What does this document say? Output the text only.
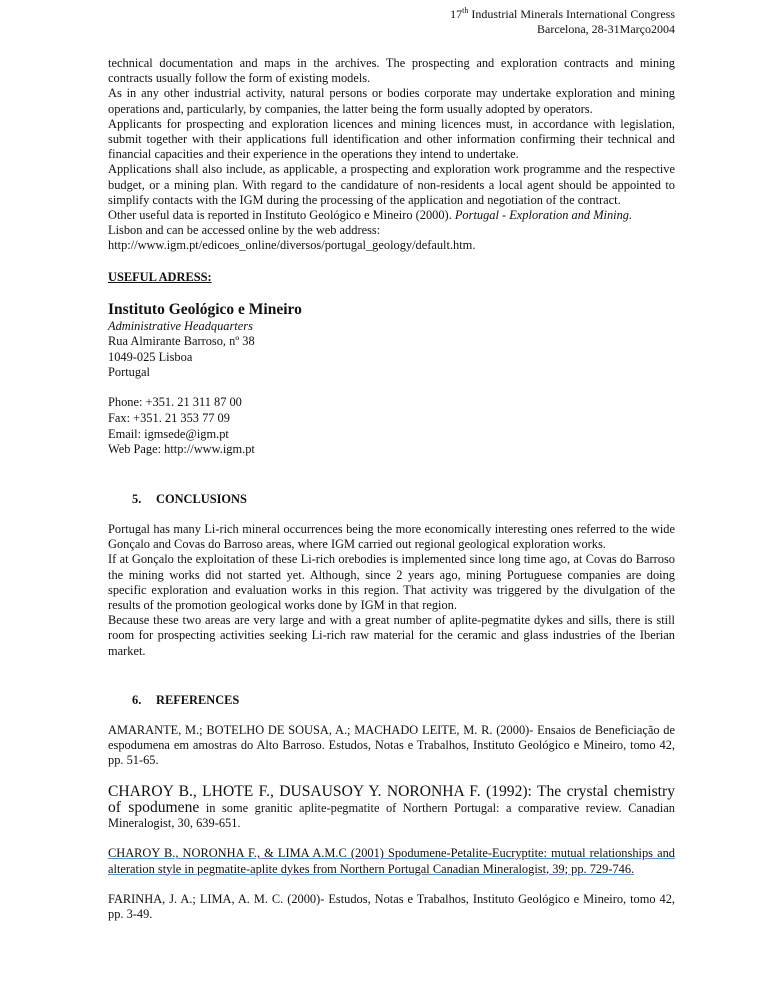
17th Industrial Minerals International Congress
Barcelona, 28-31Março2004

technical documentation and maps in the archives. The prospecting and exploration contracts and mining contracts usually follow the form of existing models.

As in any other industrial activity, natural persons or bodies corporate may undertake exploration and mining operations and, particularly, by companies, the latter being the form usually adopted by operators.

Applicants for prospecting and exploration licences and mining licences must, in accordance with legislation, submit together with their applications full identification and other information confirming their technical and financial capacities and their experience in the operations they intend to undertake.

Applications shall also include, as applicable, a prospecting and exploration work programme and the respective budget, or a mining plan. With regard to the candidature of non-residents a local agent should be appointed to simplify contacts with the IGM during the processing of the application and negotiation of the contract.

Other useful data is reported in Instituto Geológico e Mineiro (2000). Portugal - Exploration and Mining.

Lisbon and can be accessed online by the web address:

http://www.igm.pt/edicoes_online/diversos/portugal_geology/default.htm.

USEFUL ADRESS:
Instituto Geológico e Mineiro
Administrative Headquarters
Rua Almirante Barroso, nº 38
1049-025 Lisboa
Portugal
Phone: +351. 21 311 87 00
Fax: +351. 21 353 77 09
Email: igmsede@igm.pt
Web Page: http://www.igm.pt
5. CONCLUSIONS

Portugal has many Li-rich mineral occurrences being the more economically interesting ones referred to the wide Gonçalo and Covas do Barroso areas, where IGM carried out regional geological exploration works.

If at Gonçalo the exploitation of these Li-rich orebodies is implemented since long time ago, at Covas do Barroso the mining works did not started yet. Although, since 2 years ago, mining Portuguese companies are doing specific exploration and evaluation works in this region. That activity was triggered by the divulgation of the results of the promotion geological works done by IGM in that region.

Because these two areas are very large and with a great number of aplite-pegmatite dykes and sills, there is still room for prospecting activities seeking Li-rich raw material for the ceramic and glass industries of the Iberian market.

6. REFERENCES

AMARANTE, M.; BOTELHO DE SOUSA, A.; MACHADO LEITE, M. R. (2000)- Ensaios de Beneficiação de espodumena em amostras do Alto Barroso. Estudos, Notas e Trabalhos, Instituto Geológico e Mineiro, tomo 42, pp. 51-65.

CHAROY B., LHOTE F., DUSAUSOY Y. NORONHA F. (1992): The crystal chemistry of spodumene in some granitic aplite-pegmatite of Northern Portugal: a comparative review. Canadian Mineralogist, 30, 639-651.

CHAROY B., NORONHA F., & LIMA A.M.C (2001) Spodumene-Petalite-Eucryptite: mutual relationships and alteration style in pegmatite-aplite dykes from Northern Portugal Canadian Mineralogist, 39; pp. 729-746.

FARINHA, J. A.; LIMA, A. M. C. (2000)- Estudos, Notas e Trabalhos, Instituto Geológico e Mineiro, tomo 42, pp. 3-49.
